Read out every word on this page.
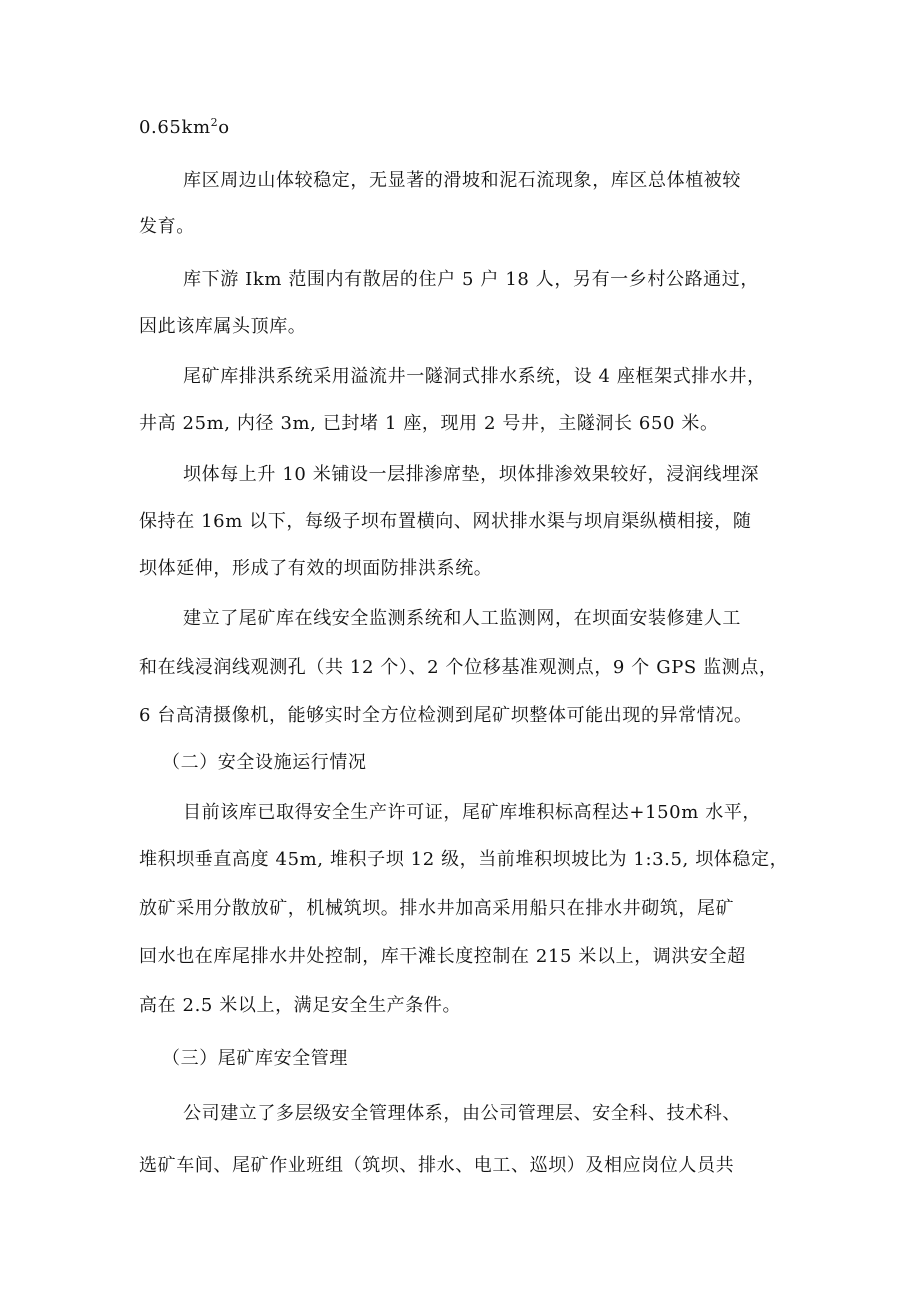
$0.65km^2o$
库区周边山体较稳定，无显著的滑坡和泥石流现象，库区总体植被较
发育。
库下游 Ikm 范围内有散居的住户 5 户 18 人，另有一乡村公路通过，
因此该库属头顶库。
尾矿库排洪系统采用溢流井一隧洞式排水系统，设 4 座框架式排水井，
井高 25m, 内径 3m, 已封堵 1 座，现用 2 号井，主隧洞长 650 米。
坝体每上升 10 米铺设一层排渗席垫，坝体排渗效果较好，浸润线埋深
保持在 16m 以下，每级子坝布置横向、网状排水渠与坝肩渠纵横相接，随
坝体延伸，形成了有效的坝面防排洪系统。
建立了尾矿库在线安全监测系统和人工监测网，在坝面安装修建人工
和在线浸润线观测孔（共 12 个）、2 个位移基准观测点，9 个 GPS 监测点，
6 台高清摄像机，能够实时全方位检测到尾矿坝整体可能出现的异常情况。
（二）安全设施运行情况
目前该库已取得安全生产许可证，尾矿库堆积标高程达+150m 水平，
堆积坝垂直高度 45m, 堆积子坝 12 级，当前堆积坝坡比为 1:3.5, 坝体稳定，
放矿采用分散放矿，机械筑坝。排水井加高采用船只在排水井砌筑，尾矿
回水也在库尾排水井处控制，库干滩长度控制在 215 米以上，调洪安全超
高在 2.5 米以上，满足安全生产条件。
（三）尾矿库安全管理
公司建立了多层级安全管理体系，由公司管理层、安全科、技术科、
选矿车间、尾矿作业班组（筑坝、排水、电工、巡坝）及相应岗位人员共
